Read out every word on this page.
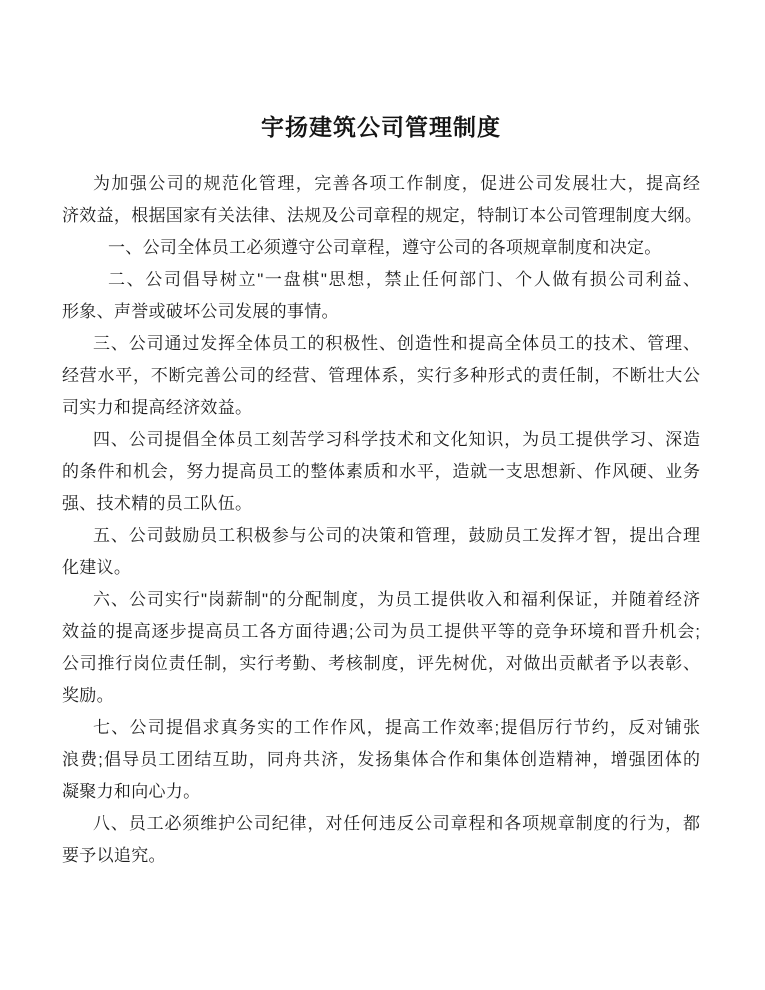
宇扬建筑公司管理制度
为加强公司的规范化管理，完善各项工作制度，促进公司发展壮大，提高经
济效益，根据国家有关法律、法规及公司章程的规定，特制订本公司管理制度大纲。
一、公司全体员工必须遵守公司章程，遵守公司的各项规章制度和决定。
二、公司倡导树立"一盘棋"思想，禁止任何部门、个人做有损公司利益、
形象、声誉或破坏公司发展的事情。
三、公司通过发挥全体员工的积极性、创造性和提高全体员工的技术、管理、
经营水平，不断完善公司的经营、管理体系，实行多种形式的责任制，不断壮大公
司实力和提高经济效益。
四、公司提倡全体员工刻苦学习科学技术和文化知识，为员工提供学习、深造
的条件和机会，努力提高员工的整体素质和水平，造就一支思想新、作风硬、业务
强、技术精的员工队伍。
五、公司鼓励员工积极参与公司的决策和管理，鼓励员工发挥才智，提出合理
化建议。
六、公司实行"岗薪制"的分配制度，为员工提供收入和福利保证，并随着经济
效益的提高逐步提高员工各方面待遇;公司为员工提供平等的竞争环境和晋升机会;
公司推行岗位责任制，实行考勤、考核制度，评先树优，对做出贡献者予以表彰、
奖励。
七、公司提倡求真务实的工作作风，提高工作效率;提倡厉行节约，反对铺张
浪费;倡导员工团结互助，同舟共济，发扬集体合作和集体创造精神，增强团体的
凝聚力和向心力。
八、员工必须维护公司纪律，对任何违反公司章程和各项规章制度的行为，都
要予以追究。
